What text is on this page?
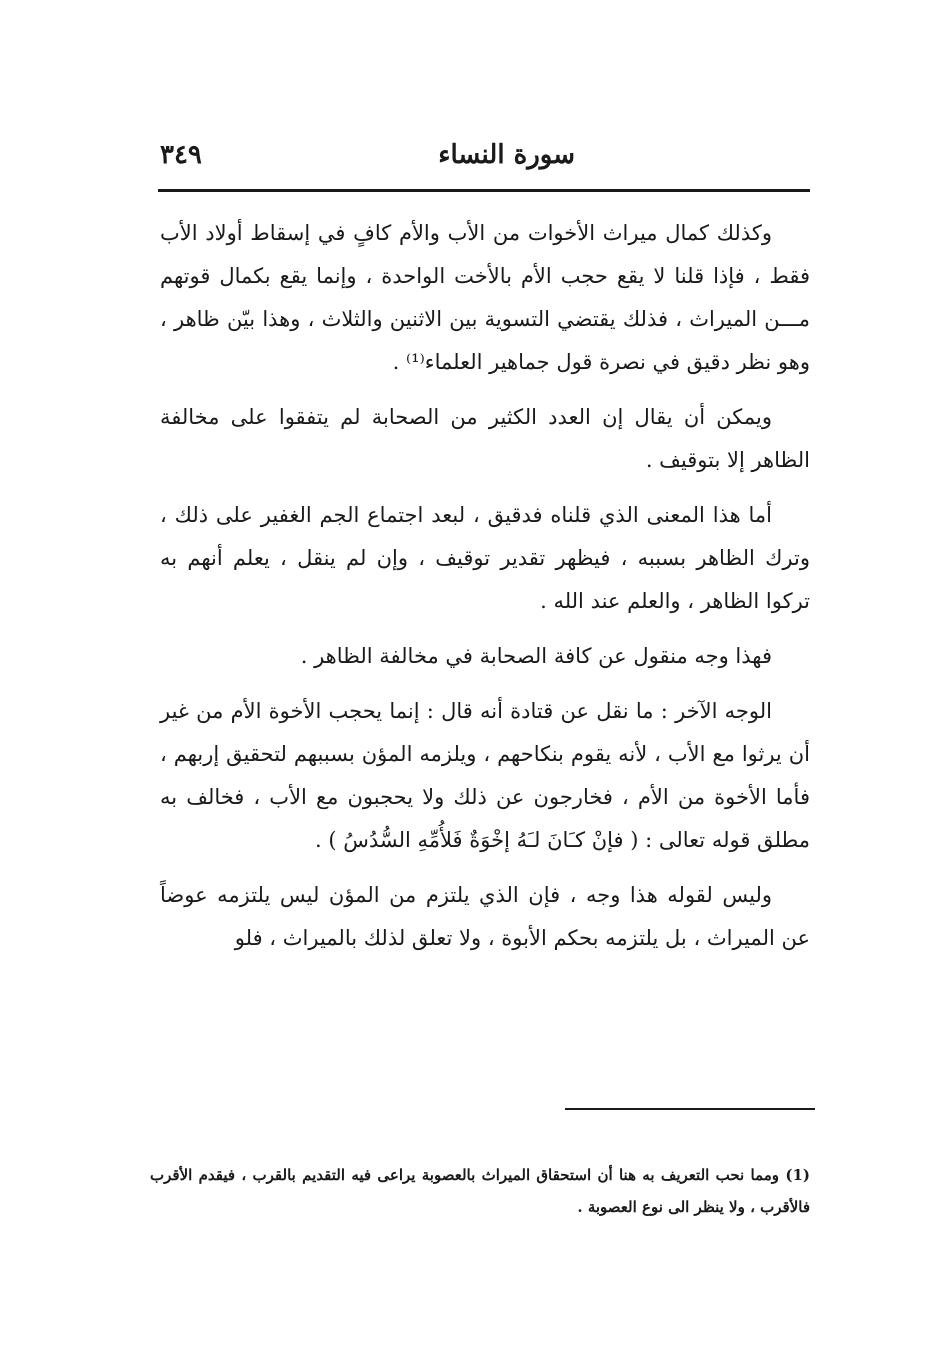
سورة النساء
٣٤٩

وكذلك كمال ميراث الأخوات من الأب والأم كافٍ في إسقاط أولاد الأب فقط ، فإذا قلنا لا يقع حجب الأم بالأخت الواحدة ، وإنما يقع بكمال قوتهم مـــن الميراث ، فذلك يقتضي التسوية بين الاثنين والثلاث ، وهذا بيّن ظاهر ، وهو نظر دقيق في نصرة قول جماهير العلماء⁽¹⁾ .

ويمكن أن يقال إن العدد الكثير من الصحابة لم يتفقوا على مخالفة الظاهر إلا بتوقيف .

أما هذا المعنى الذي قلناه فدقيق ، لبعد اجتماع الجم الغفير على ذلك ، وترك الظاهر بسببه ، فيظهر تقدير توقيف ، وإن لم ينقل ، يعلم أنهم به تركوا الظاهر ، والعلم عند الله .

فهذا وجه منقول عن كافة الصحابة في مخالفة الظاهر .

الوجه الآخر : ما نقل عن قتادة أنه قال : إنما يحجب الأخوة الأم من غير أن يرثوا مع الأب ، لأنه يقوم بنكاحهم ، ويلزمه المؤن بسببهم لتحقيق إربهم ، فأما الأخوة من الأم ، فخارجون عن ذلك ولا يحجبون مع الأب ، فخالف به مطلق قوله تعالى : ( فإنْ كـَانَ لـَهُ إخْوَةٌ فَلأُمِّهِ السُّدُسُ ) .

وليس لقوله هذا وجه ، فإن الذي يلتزم من المؤن ليس يلتزمه عوضاً عن الميراث ، بل يلتزمه بحكم الأبوة ، ولا تعلق لذلك بالميراث ، فلو

(1) ومما نحب التعريف به هنا أن استحقاق الميراث بالعصوبة يراعى فيه التقديم بالقرب ، فيقدم الأقرب فالأقرب ، ولا ينظر الى نوع العصوبة .
